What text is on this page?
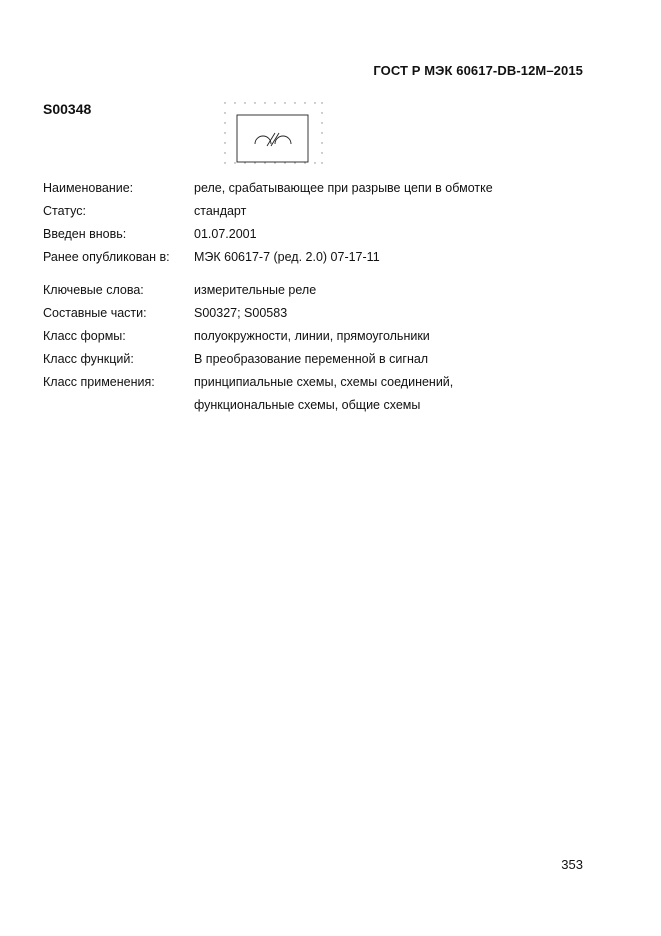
ГОСТ Р МЭК 60617-DB-12M–2015
S00348
Наименование:	реле, срабатывающее при разрыве цепи в обмотке
Статус:	стандарт
Введен вновь:	01.07.2001
Ранее опубликован в: МЭК 60617-7 (ред. 2.0) 07-17-11
Ключевые слова:	измерительные реле
Составные части:	S00327; S00583
Класс формы:	полуокружности, линии, прямоугольники
Класс функций:	В преобразование переменной в сигнал
Класс применения:	принципиальные схемы, схемы соединений,
функциональные схемы, общие схемы
353
